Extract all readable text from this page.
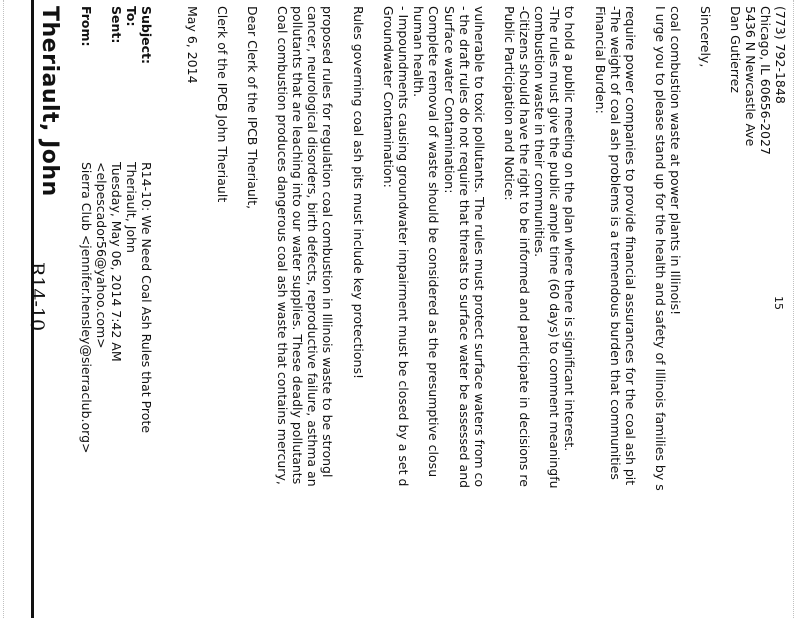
Theriault, John
R14-10
From:
Sierra Club <jennifer.hensley@sierraclub.org> <elpescador56@yahoo.com>
Sent:
Tuesday, May 06, 2014 7:42 AM
To:
Theriault, John
Subject:
R14-10: We Need Coal Ash Rules that Prote
May 6, 2014 Clerk of the IPCB John Theriault Dear Clerk of the IPCB Theriault, Coal combustion produces dangerous coal ash waste that contains mercury, pollutants that are leaching into our water supplies. These deadly pollutants cancer, neurological disorders, birth defects, reproductive failure, asthma an proposed rules for regulation coal combustion in Illinois waste to be strongl Rules governing coal ash pits must include key protections! Groundwater Contamination: - Impoundments causing groundwater impairment must be closed by a set d human health. Complete removal of waste should be considered as the presumptive closu Surface water Contamination: - the draft rules do not require that threats to surface water be assessed and vulnerable to toxic pollutants. The rules must protect surface waters from co Public Participation and Notice: -Citizens should have the right to be informed and participate in decisions re combustion waste in their communities. -The rules must give the public ample time (60 days) to comment meaningfu to hold a public meeting on the plan where there is significant interest. Financial Burden: -The weight of coal ash problems is a tremendous burden that communities require power companies to provide financial assurances for the coal ash pit I urge you to please stand up for the health and safety of Illinois families by s coal combustion waste at power plants in Illinois! Sincerely, Dan Gutierrez 5436 N Newcastle Ave Chicago, IL 60656-2027 (773) 792-1848
15
